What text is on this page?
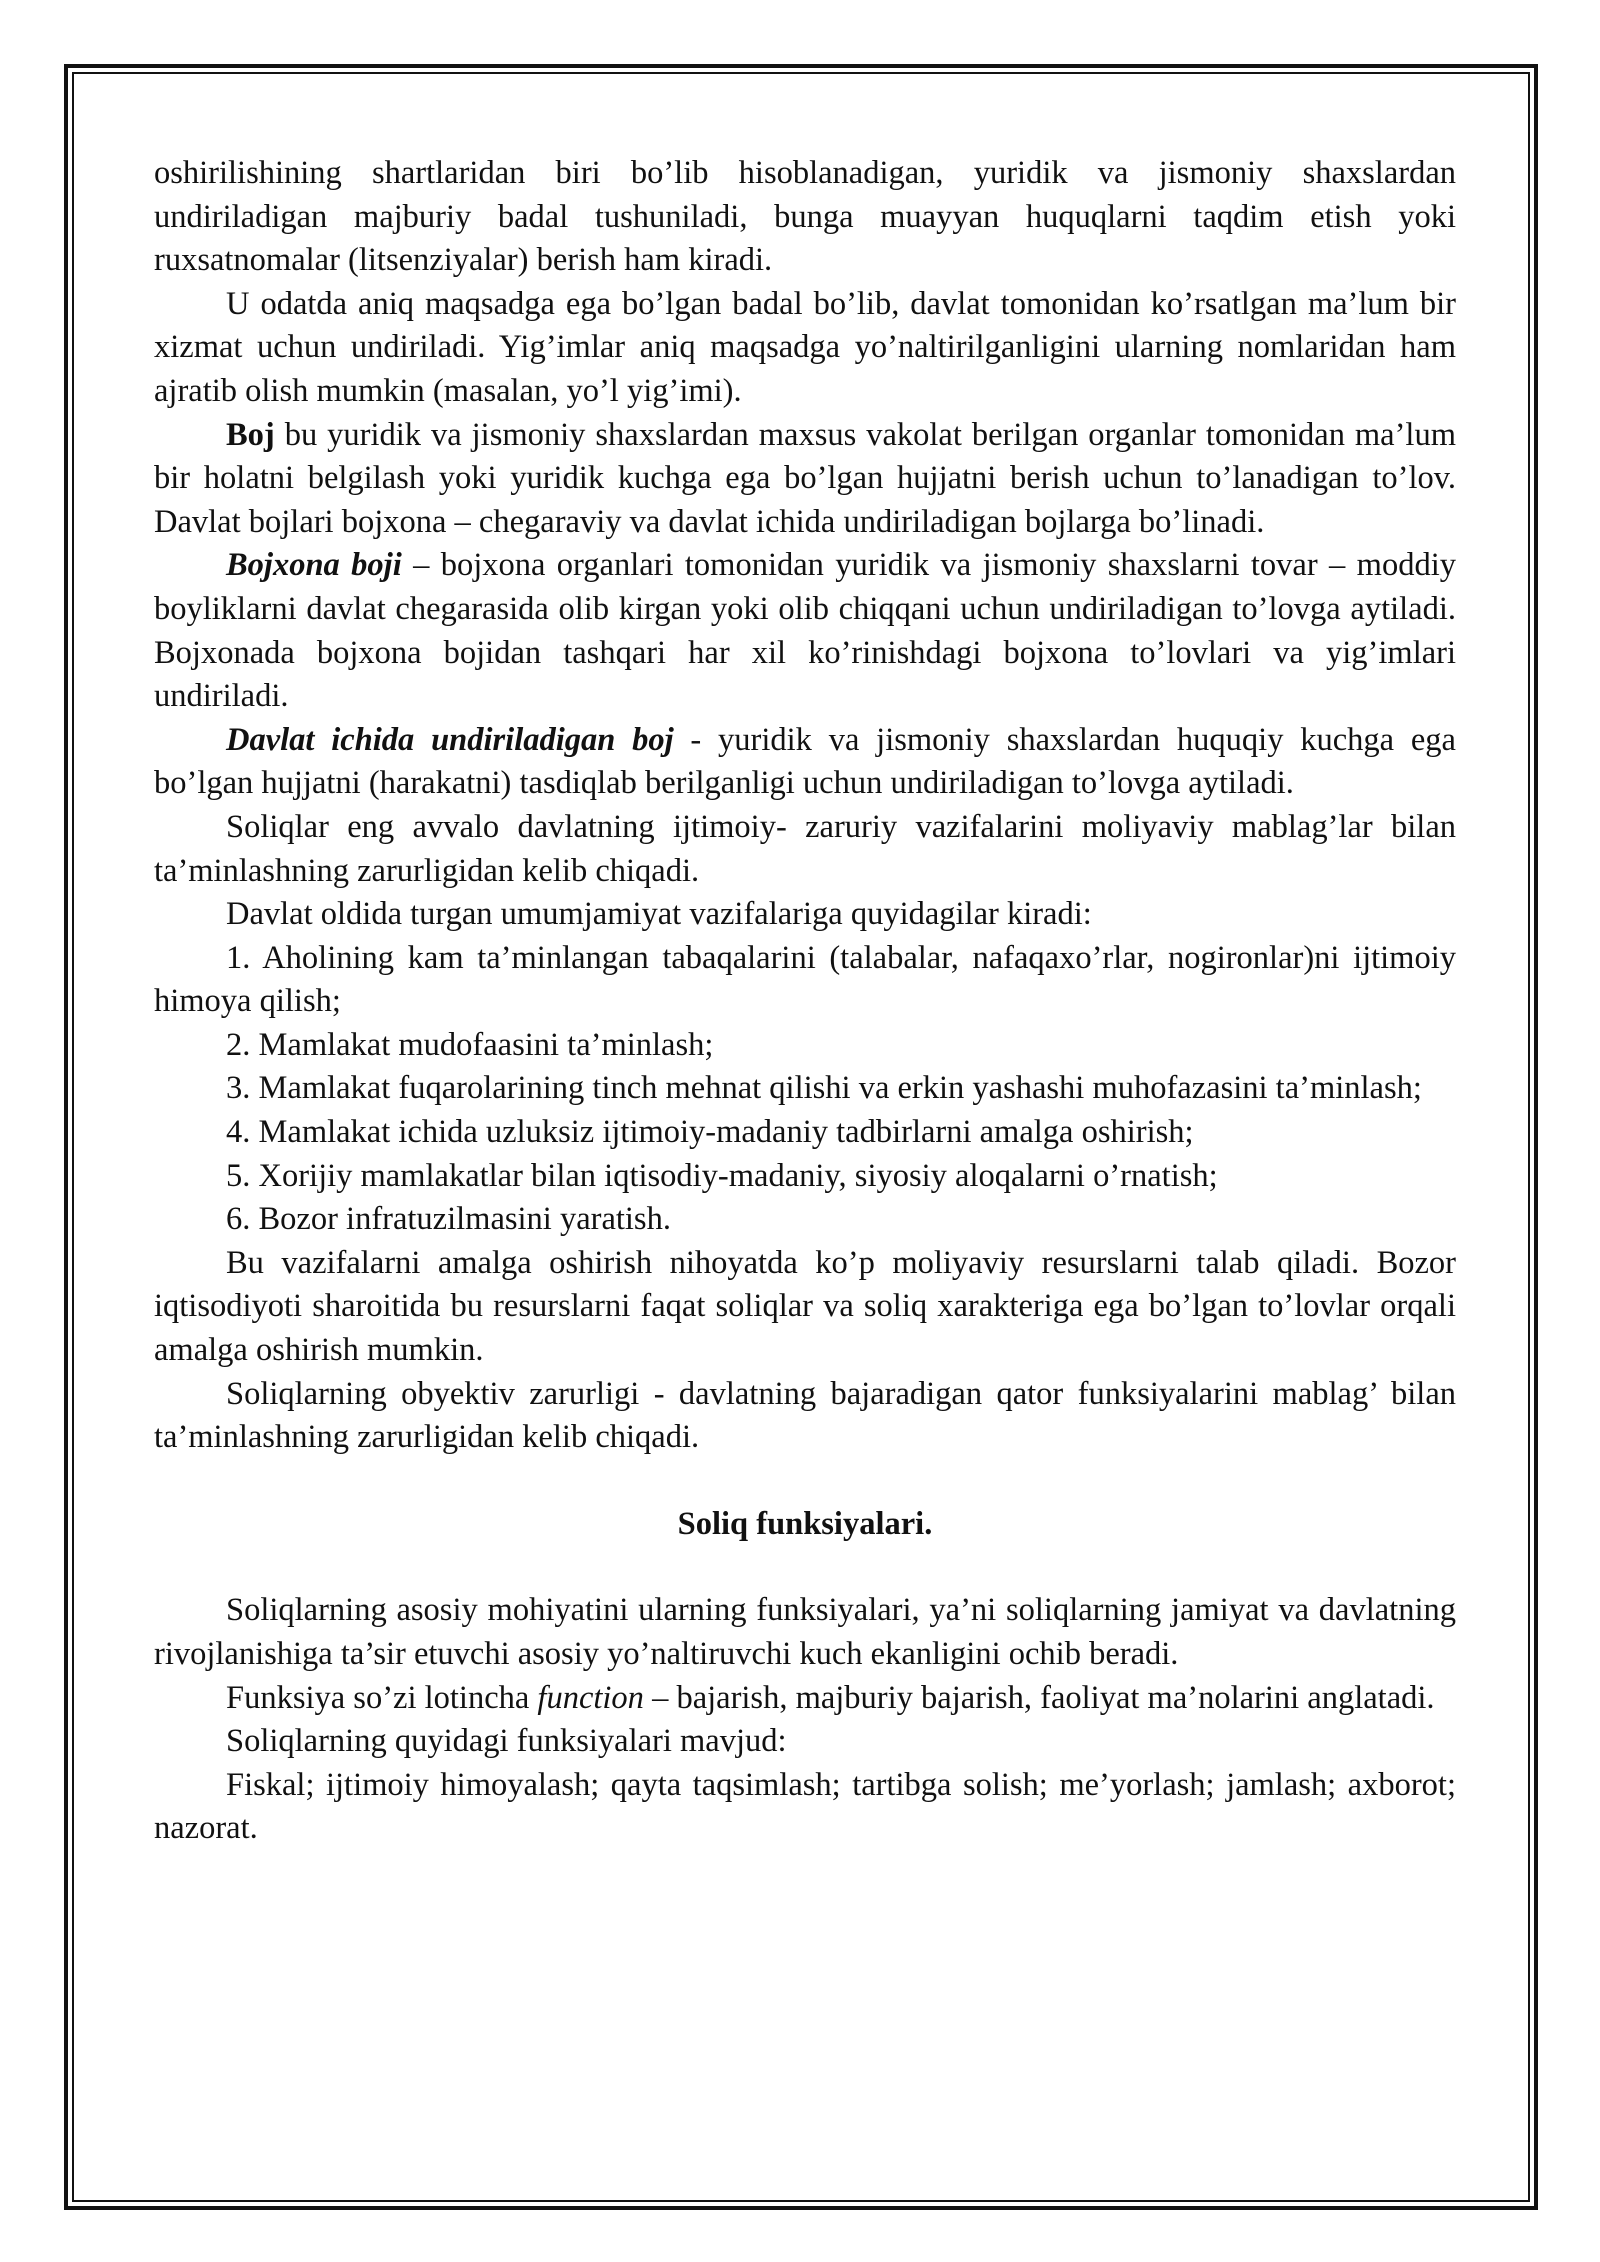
oshirilishining shartlaridan biri bo’lib hisoblanadigan, yuridik va jismoniy shaxslardan undiriladigan majburiy badal tushuniladi, bunga muayyan huquqlarni taqdim etish yoki ruxsatnomalar (litsenziyalar) berish ham kiradi.

U odatda aniq maqsadga ega bo’lgan badal bo’lib, davlat tomonidan ko’rsatlgan ma’lum bir xizmat uchun undiriladi. Yig’imlar aniq maqsadga yo’naltirilganligini ularning nomlaridan ham ajratib olish mumkin (masalan, yo’l yig’imi).

Boj bu yuridik va jismoniy shaxslardan maxsus vakolat berilgan organlar tomonidan ma’lum bir holatni belgilash yoki yuridik kuchga ega bo’lgan hujjatni berish uchun to’lanadigan to’lov. Davlat bojlari bojxona – chegaraviy va davlat ichida undiriladigan bojlarga bo’linadi.

Bojxona boji – bojxona organlari tomonidan yuridik va jismoniy shaxslarni tovar – moddiy boyliklarni davlat chegarasida olib kirgan yoki olib chiqqani uchun undiriladigan to’lovga aytiladi. Bojxonada bojxona bojidan tashqari har xil ko’rinishdagi bojxona to’lovlari va yig’imlari undiriladi.

Davlat ichida undiriladigan boj - yuridik va jismoniy shaxslardan huquqiy kuchga ega bo’lgan hujjatni (harakatni) tasdiqlab berilganligi uchun undiriladigan to’lovga aytiladi.

Soliqlar eng avvalo davlatning ijtimoiy- zaruriy vazifalarini moliyaviy mablag’lar bilan ta’minlashning zarurligidan kelib chiqadi.

Davlat oldida turgan umumjamiyat vazifalariga quyidagilar kiradi:

1. Aholining kam ta’minlangan tabaqalarini (talabalar, nafaqaxo’rlar, nogironlar)ni ijtimoiy himoya qilish;

2. Mamlakat mudofaasini ta’minlash;

3. Mamlakat fuqarolarining tinch mehnat qilishi va erkin yashashi muhofazasini ta’minlash;

4. Mamlakat ichida uzluksiz ijtimoiy-madaniy tadbirlarni amalga oshirish;

5. Xorijiy mamlakatlar bilan iqtisodiy-madaniy, siyosiy aloqalarni o’rnatish;

6. Bozor infratuzilmasini yaratish.

Bu vazifalarni amalga oshirish nihoyatda ko’p moliyaviy resurslarni talab qiladi. Bozor iqtisodiyoti sharoitida bu resurslarni faqat soliqlar va soliq xarakteriga ega bo’lgan to’lovlar orqali amalga oshirish mumkin.

Soliqlarning obyektiv zarurligi - davlatning bajaradigan qator funksiyalarini mablag’ bilan ta’minlashning zarurligidan kelib chiqadi.

Soliq funksiyalari.

Soliqlarning asosiy mohiyatini ularning funksiyalari, ya’ni soliqlarning jamiyat va davlatning rivojlanishiga ta’sir etuvchi asosiy yo’naltiruvchi kuch ekanligini ochib beradi.

Funksiya so’zi lotincha function – bajarish, majburiy bajarish, faoliyat ma’nolarini anglatadi.

Soliqlarning quyidagi funksiyalari mavjud:

Fiskal; ijtimoiy himoyalash; qayta taqsimlash; tartibga solish; me’yorlash; jamlash; axborot; nazorat.
